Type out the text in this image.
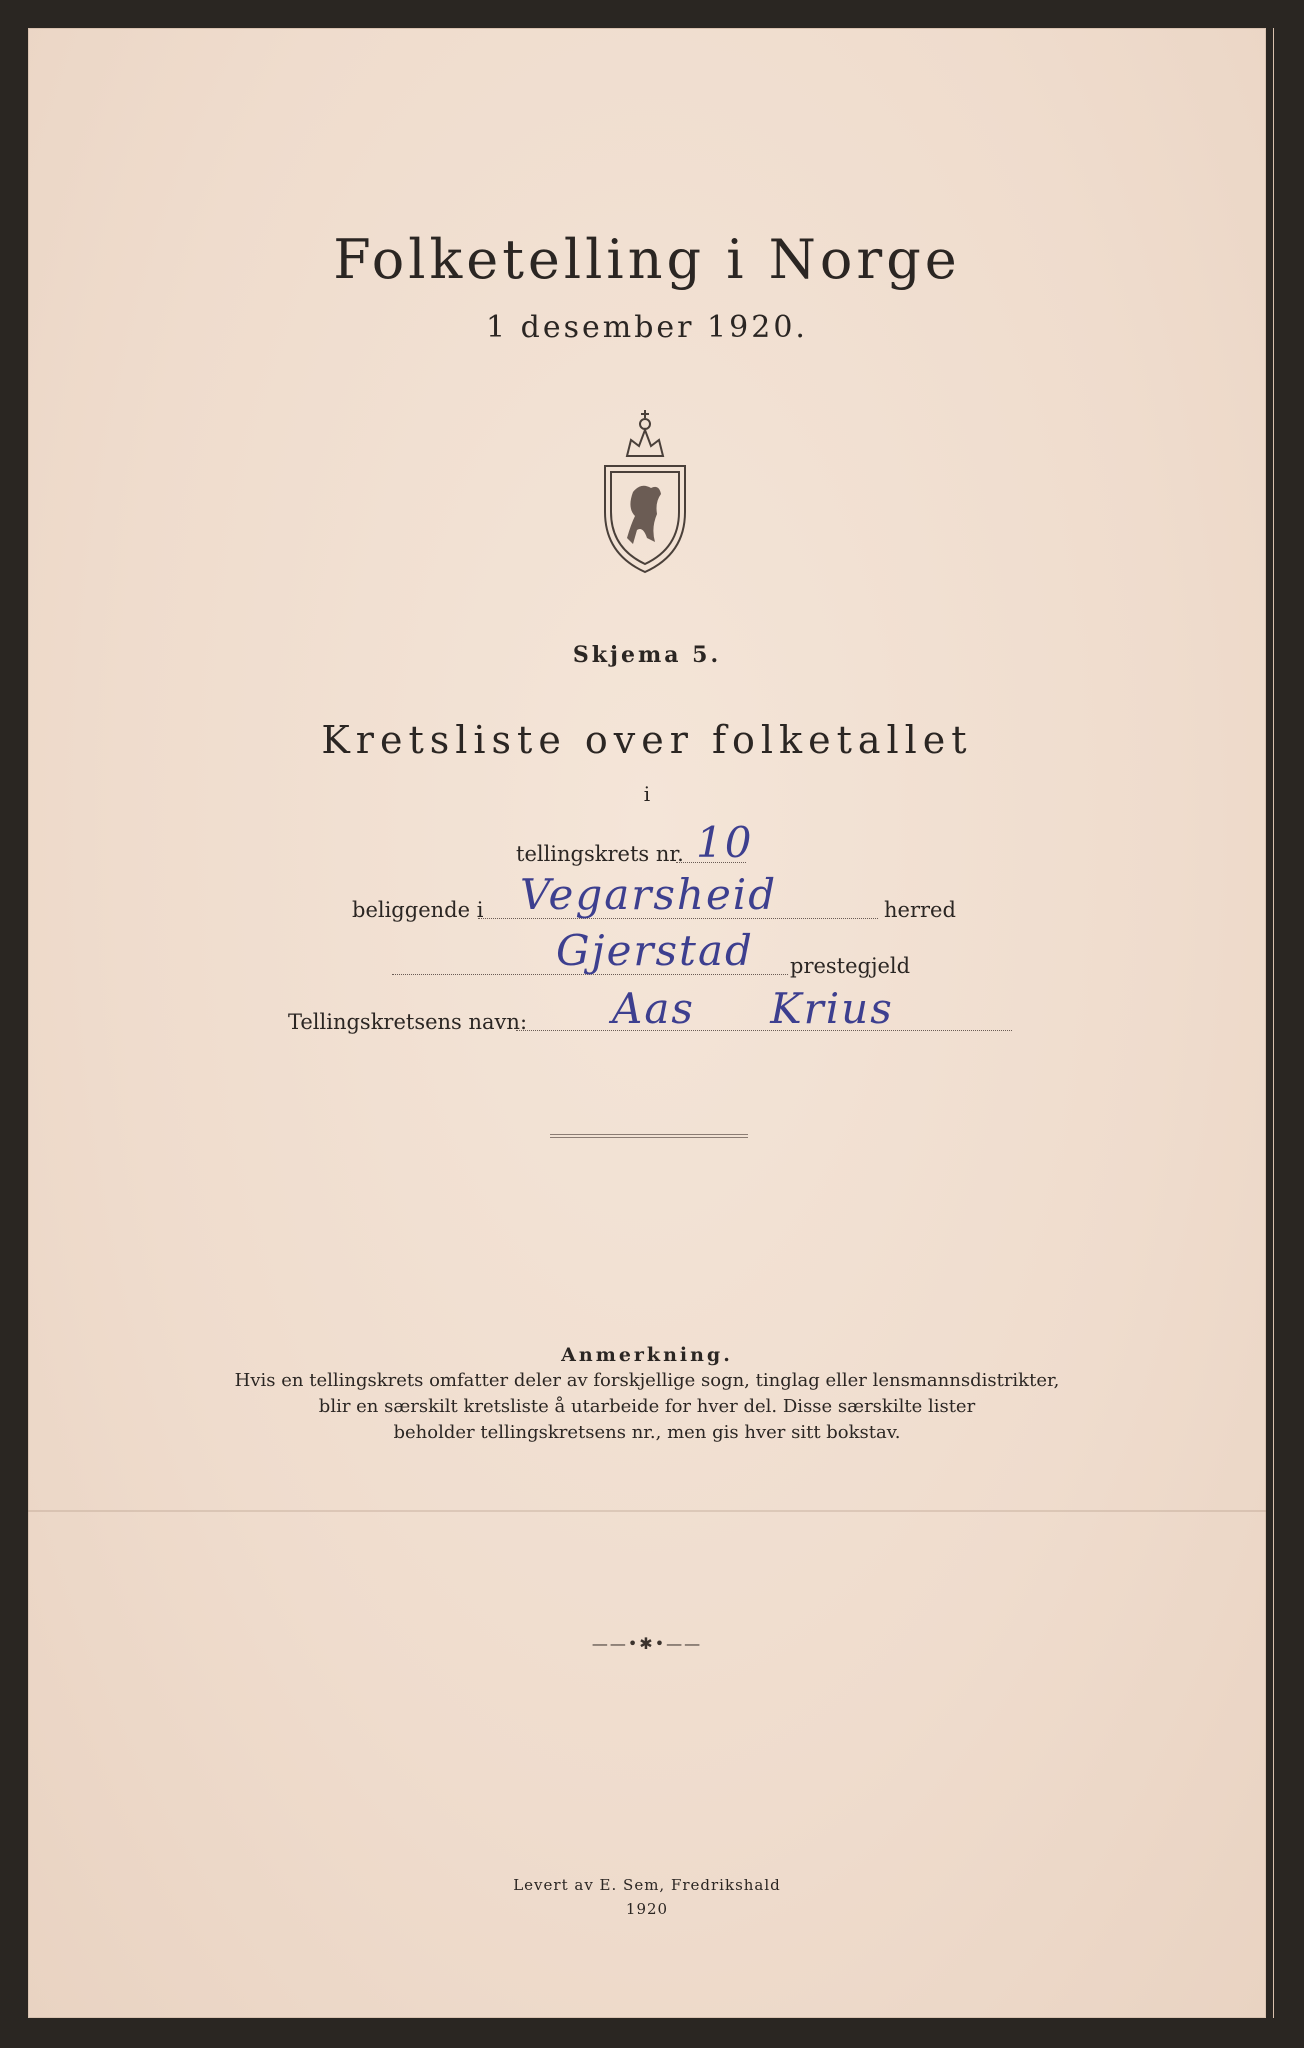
Folketelling i Norge
1 desember 1920.
Skjema 5.
Kretsliste over folketallet
i
tellingskrets nr. 10
beliggende i Vegarsheid	herred
Gjerstad prestegjeld
Tellingskretsens navn: Aas Krius
Anmerkning.
Hvis en tellingskrets omfatter deler av forskjellige sogn, tinglag eller lensmannsdistrikter,
blir en særskilt kretsliste å utarbeide for hver del. Disse særskilte lister
beholder tellingskretsens nr., men gis hver sitt bokstav.
——•✱•——
Levert av E. Sem, Fredrikshald
1920
